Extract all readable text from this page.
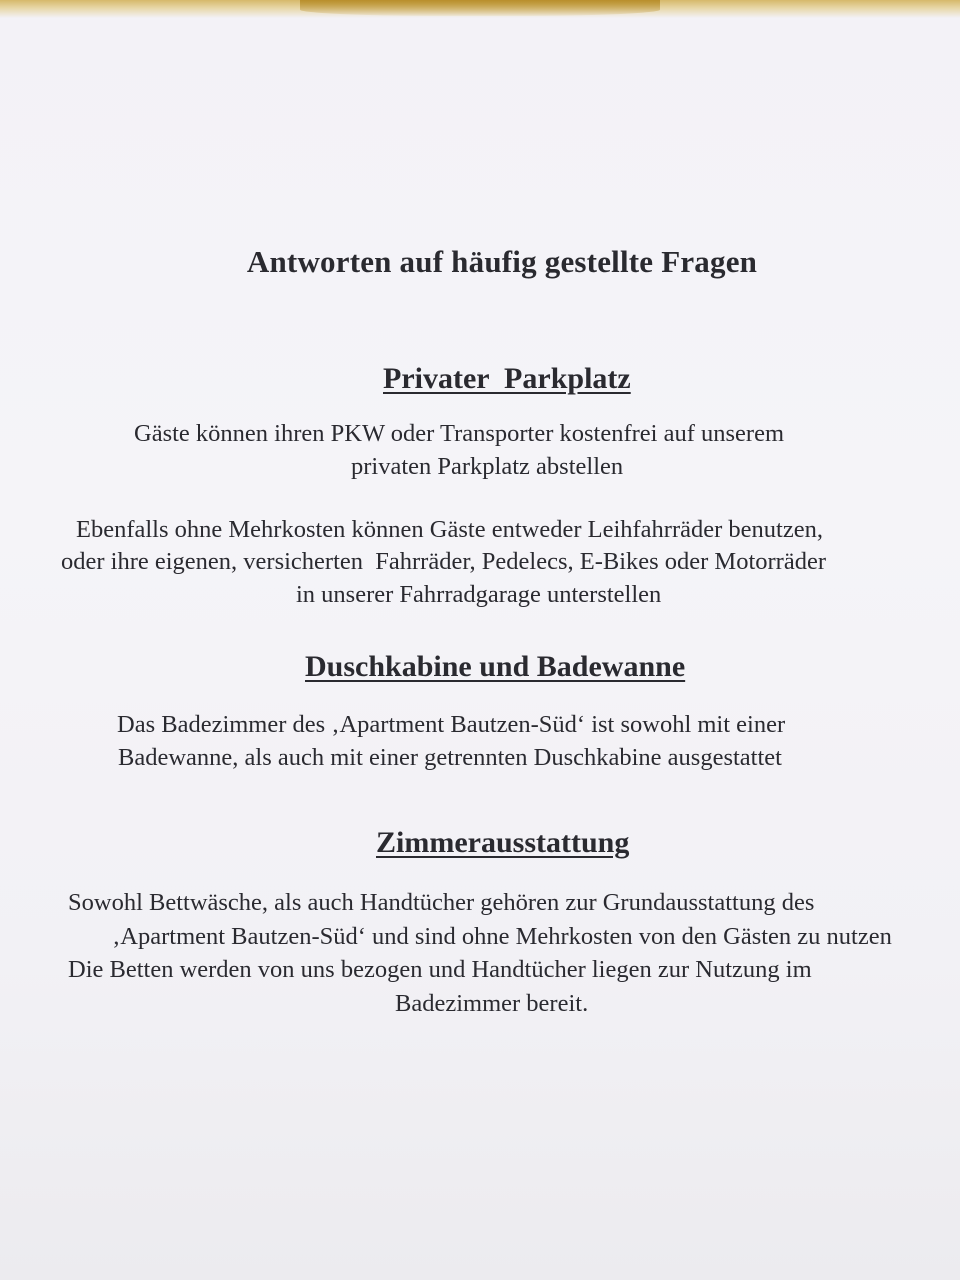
Antworten auf häufig gestellte Fragen
Privater  Parkplatz

Gäste können ihren PKW oder Transporter kostenfrei auf unserem

privaten Parkplatz abstellen

Ebenfalls ohne Mehrkosten können Gäste entweder Leihfahrräder benutzen,

oder ihre eigenen, versicherten  Fahrräder, Pedelecs, E-Bikes oder Motorräder

in unserer Fahrradgarage unterstellen

Duschkabine und Badewanne

Das Badezimmer des ‚Apartment Bautzen-Süd‘ ist sowohl mit einer

Badewanne, als auch mit einer getrennten Duschkabine ausgestattet

Zimmerausstattung

Sowohl Bettwäsche, als auch Handtücher gehören zur Grundausstattung des

‚Apartment Bautzen-Süd‘ und sind ohne Mehrkosten von den Gästen zu nutzen

Die Betten werden von uns bezogen und Handtücher liegen zur Nutzung im

Badezimmer bereit.
